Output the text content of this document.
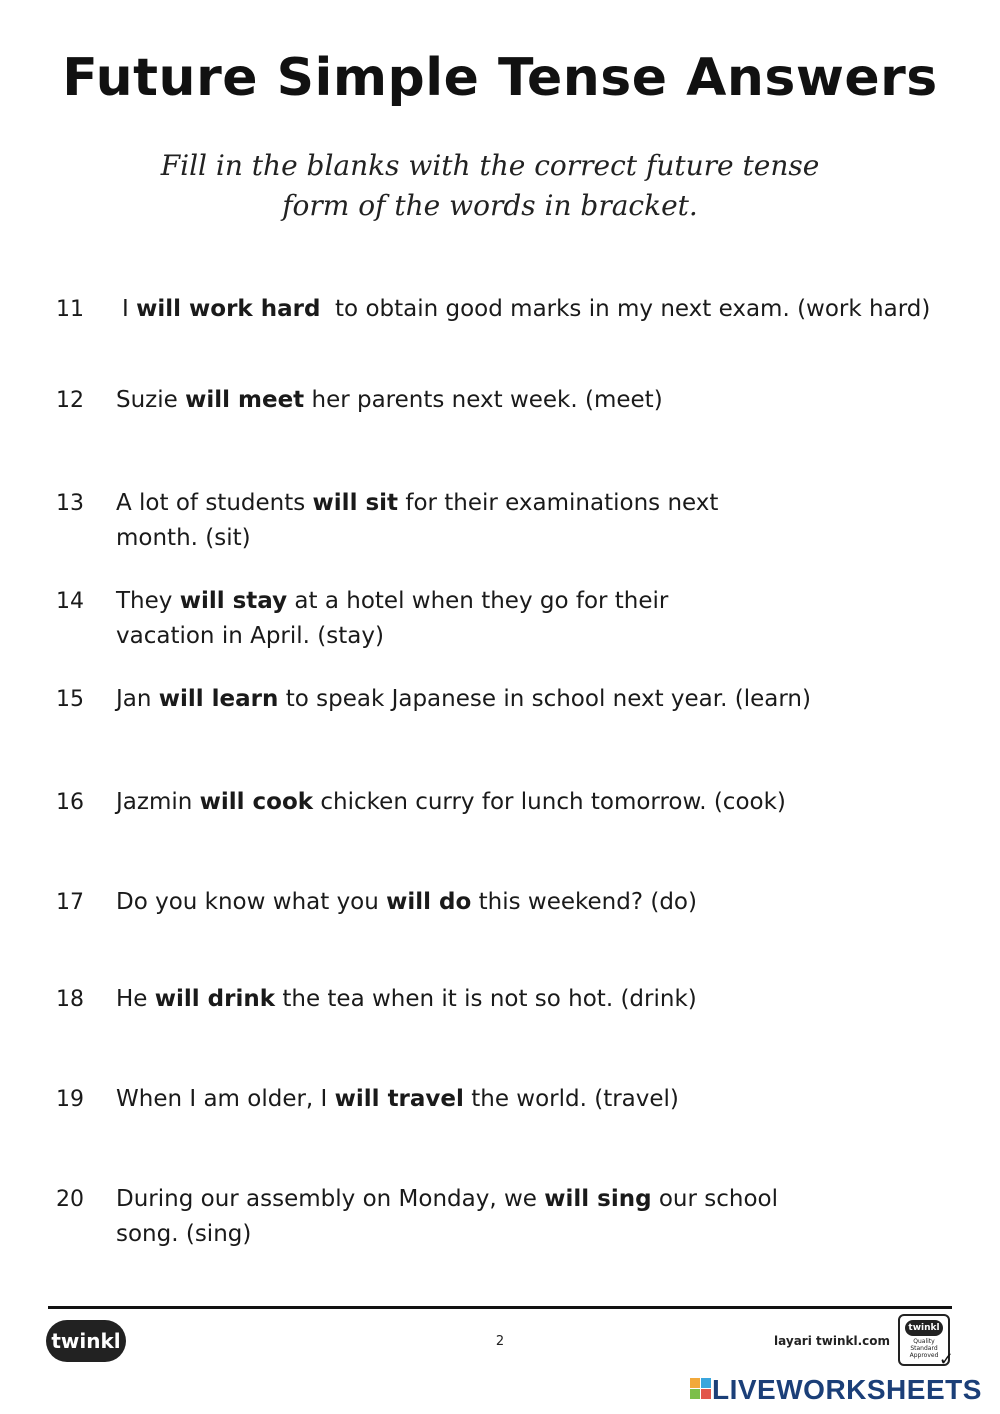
Future Simple Tense Answers
Fill in the blanks with the correct future tense
form of the words in bracket.
11 I will work hard  to obtain good marks in my next exam. (work hard)
12 Suzie will meet her parents next week. (meet)
13 A lot of students will sit for their examinations next
month. (sit)
14 They will stay at a hotel when they go for their
vacation in April. (stay)
15 Jan will learn to speak Japanese in school next year. (learn)
16 Jazmin will cook chicken curry for lunch tomorrow. (cook)
17 Do you know what you will do this weekend? (do)
18 He will drink the tea when it is not so hot. (drink)
19 When I am older, I will travel the world. (travel)
20 During our assembly on Monday, we will sing our school
song. (sing)
twinkl	2	layari twinkl.com
twinkl
Quality Standard Approved ✓
LIVEWORKSHEETS
